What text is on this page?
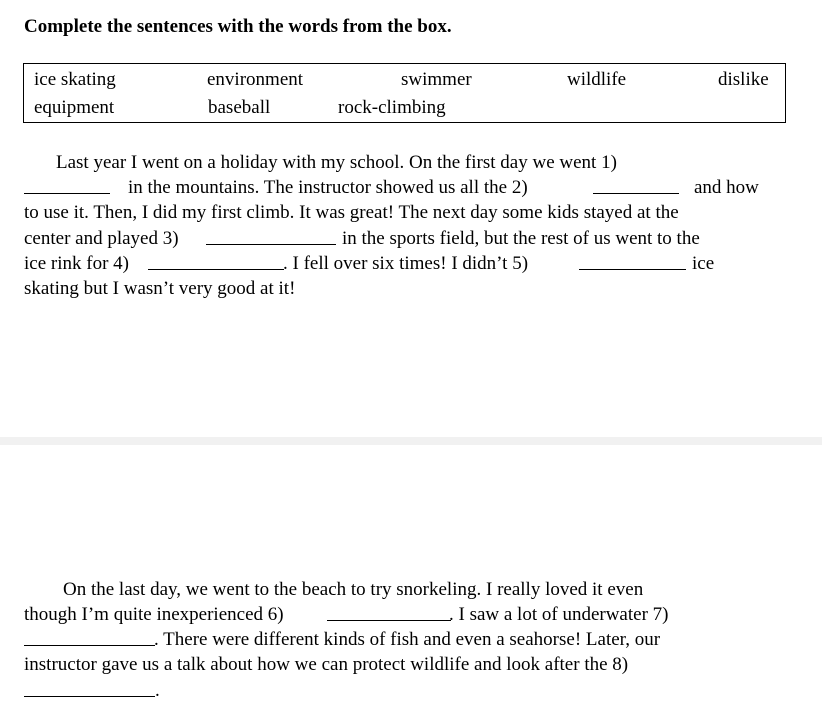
Complete the sentences with the words from the box.
ice skating	environment	swimmer	wildlife	dislike
equipment	baseball	rock-climbing
Last year I went on a holiday with my school. On the first day we went 1)
in the mountains. The instructor showed us all the 2)	and how
to use it. Then, I did my first climb. It was great! The next day some kids stayed at the
center and played 3)	in the sports field, but the rest of us went to the
ice rink for 4)	. I fell over six times! I didn’t 5)	ice
skating but I wasn’t very good at it!
On the last day, we went to the beach to try snorkeling. I really loved it even
though I’m quite inexperienced 6)	. I saw a lot of underwater 7)
. There were different kinds of fish and even a seahorse! Later, our
instructor gave us a talk about how we can protect wildlife and look after the 8)
.
